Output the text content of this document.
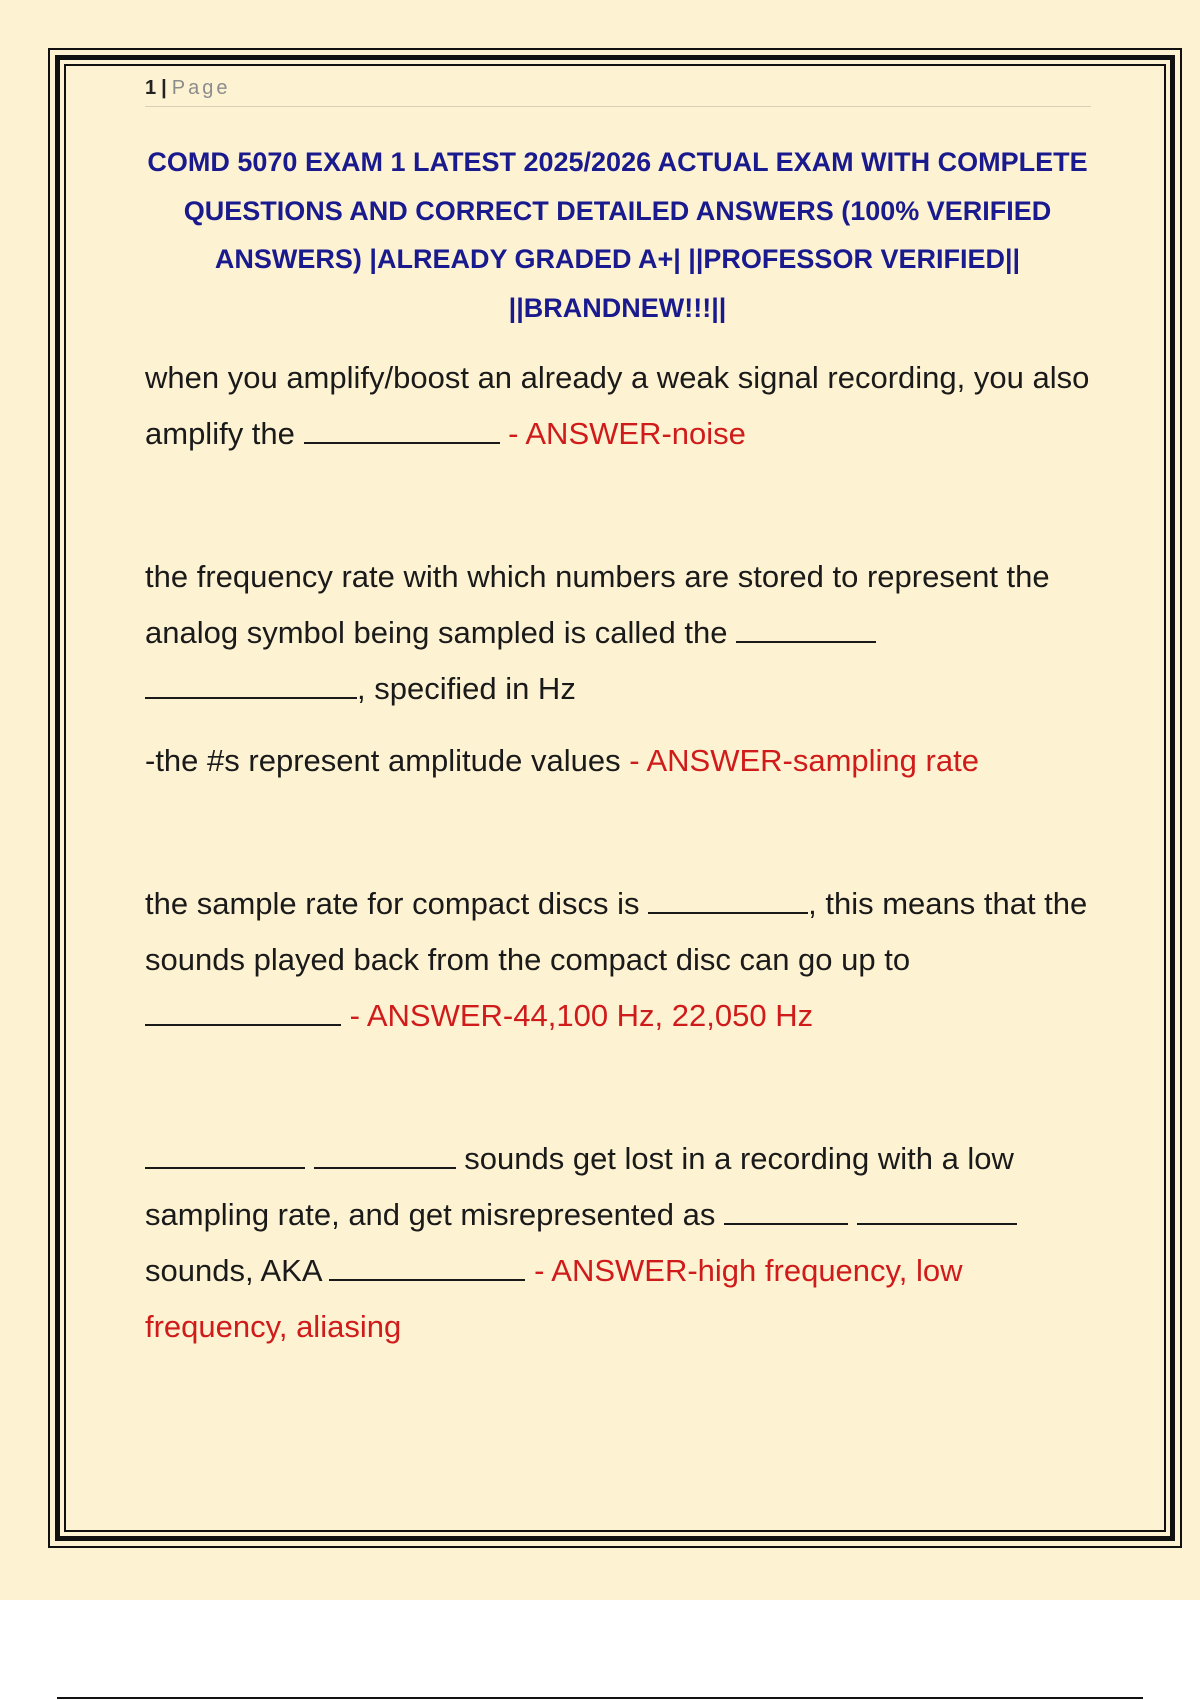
1 | Page
COMD 5070 EXAM 1 LATEST 2025/2026 ACTUAL EXAM WITH COMPLETE QUESTIONS AND CORRECT DETAILED ANSWERS (100% VERIFIED ANSWERS) |ALREADY GRADED A+| ||PROFESSOR VERIFIED|| ||BRANDNEW!!!||

when you amplify/boost an already a weak signal recording, you also amplify the	- ANSWER-noise

the frequency rate with which numbers are stored to represent the analog symbol being sampled is called the  , specified in Hz

-the #s represent amplitude values - ANSWER-sampling rate

the sample rate for compact discs is	, this means that the sounds played back from the compact disc can go up to  - ANSWER-44,100 Hz, 22,050 Hz

sounds get lost in a recording with a low sampling rate, and get misrepresented as   sounds, AKA	- ANSWER-high frequency, low frequency, aliasing
